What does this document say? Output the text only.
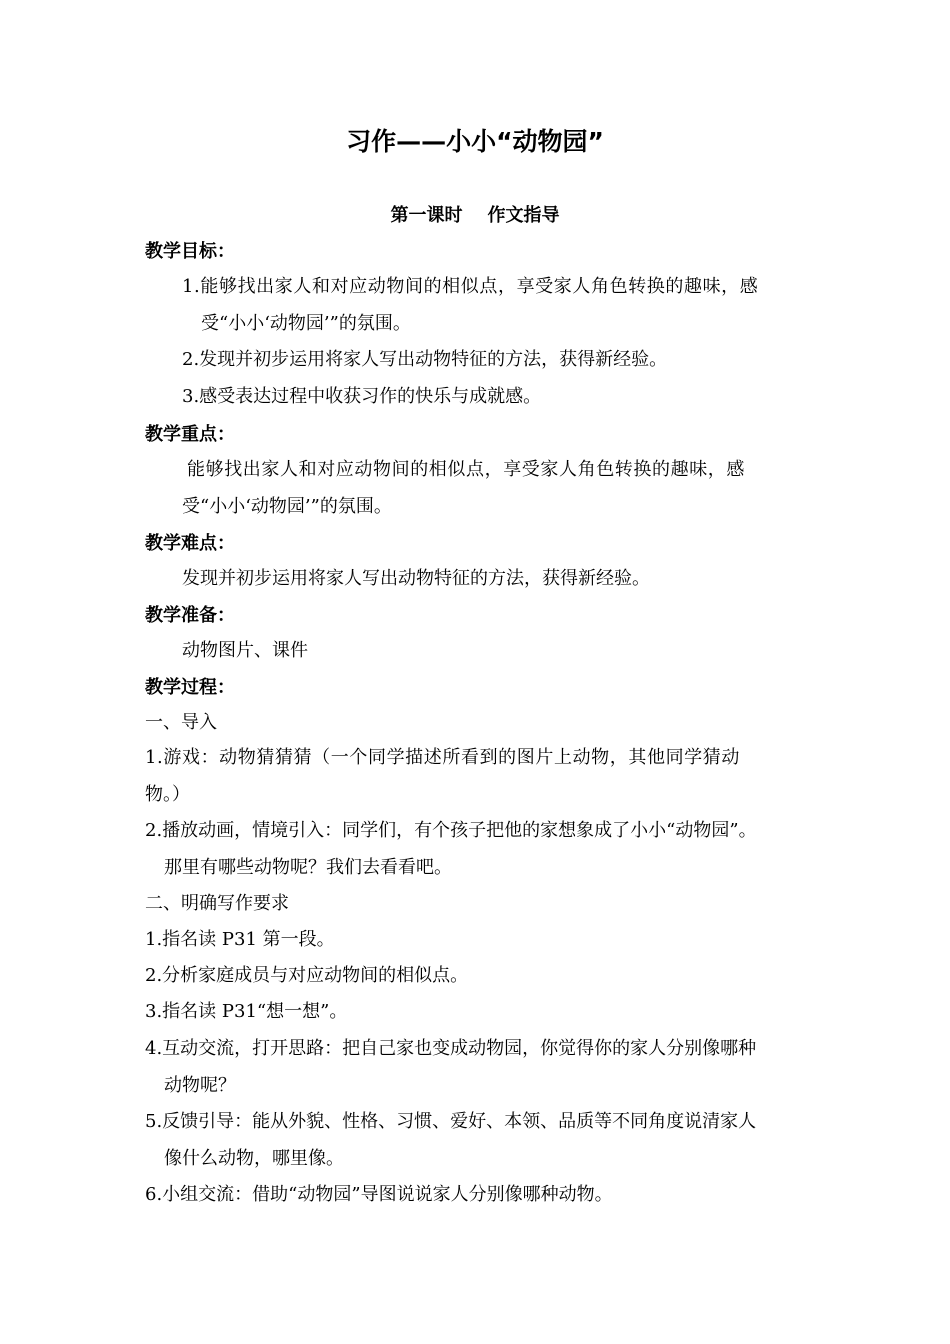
习作——小小“动物园”
第一课时    作文指导
教学目标：
1.能够找出家人和对应动物间的相似点，享受家人角色转换的趣味，感
受“小小‘动物园’”的氛围。
2.发现并初步运用将家人写出动物特征的方法，获得新经验。
3.感受表达过程中收获习作的快乐与成就感。
教学重点：
能够找出家人和对应动物间的相似点，享受家人角色转换的趣味，感
受“小小‘动物园’”的氛围。
教学难点：
发现并初步运用将家人写出动物特征的方法，获得新经验。
教学准备：
动物图片、课件
教学过程：
一、导入
1.游戏：动物猜猜猜（一个同学描述所看到的图片上动物，其他同学猜动
物。）
2.播放动画，情境引入：同学们，有个孩子把他的家想象成了小小“动物园”。
那里有哪些动物呢？我们去看看吧。
二、明确写作要求
1.指名读 P31 第一段。
2.分析家庭成员与对应动物间的相似点。
3.指名读 P31“想一想”。
4.互动交流，打开思路：把自己家也变成动物园，你觉得你的家人分别像哪种
动物呢？
5.反馈引导：能从外貌、性格、习惯、爱好、本领、品质等不同角度说清家人
像什么动物，哪里像。
6.小组交流：借助“动物园”导图说说家人分别像哪种动物。
